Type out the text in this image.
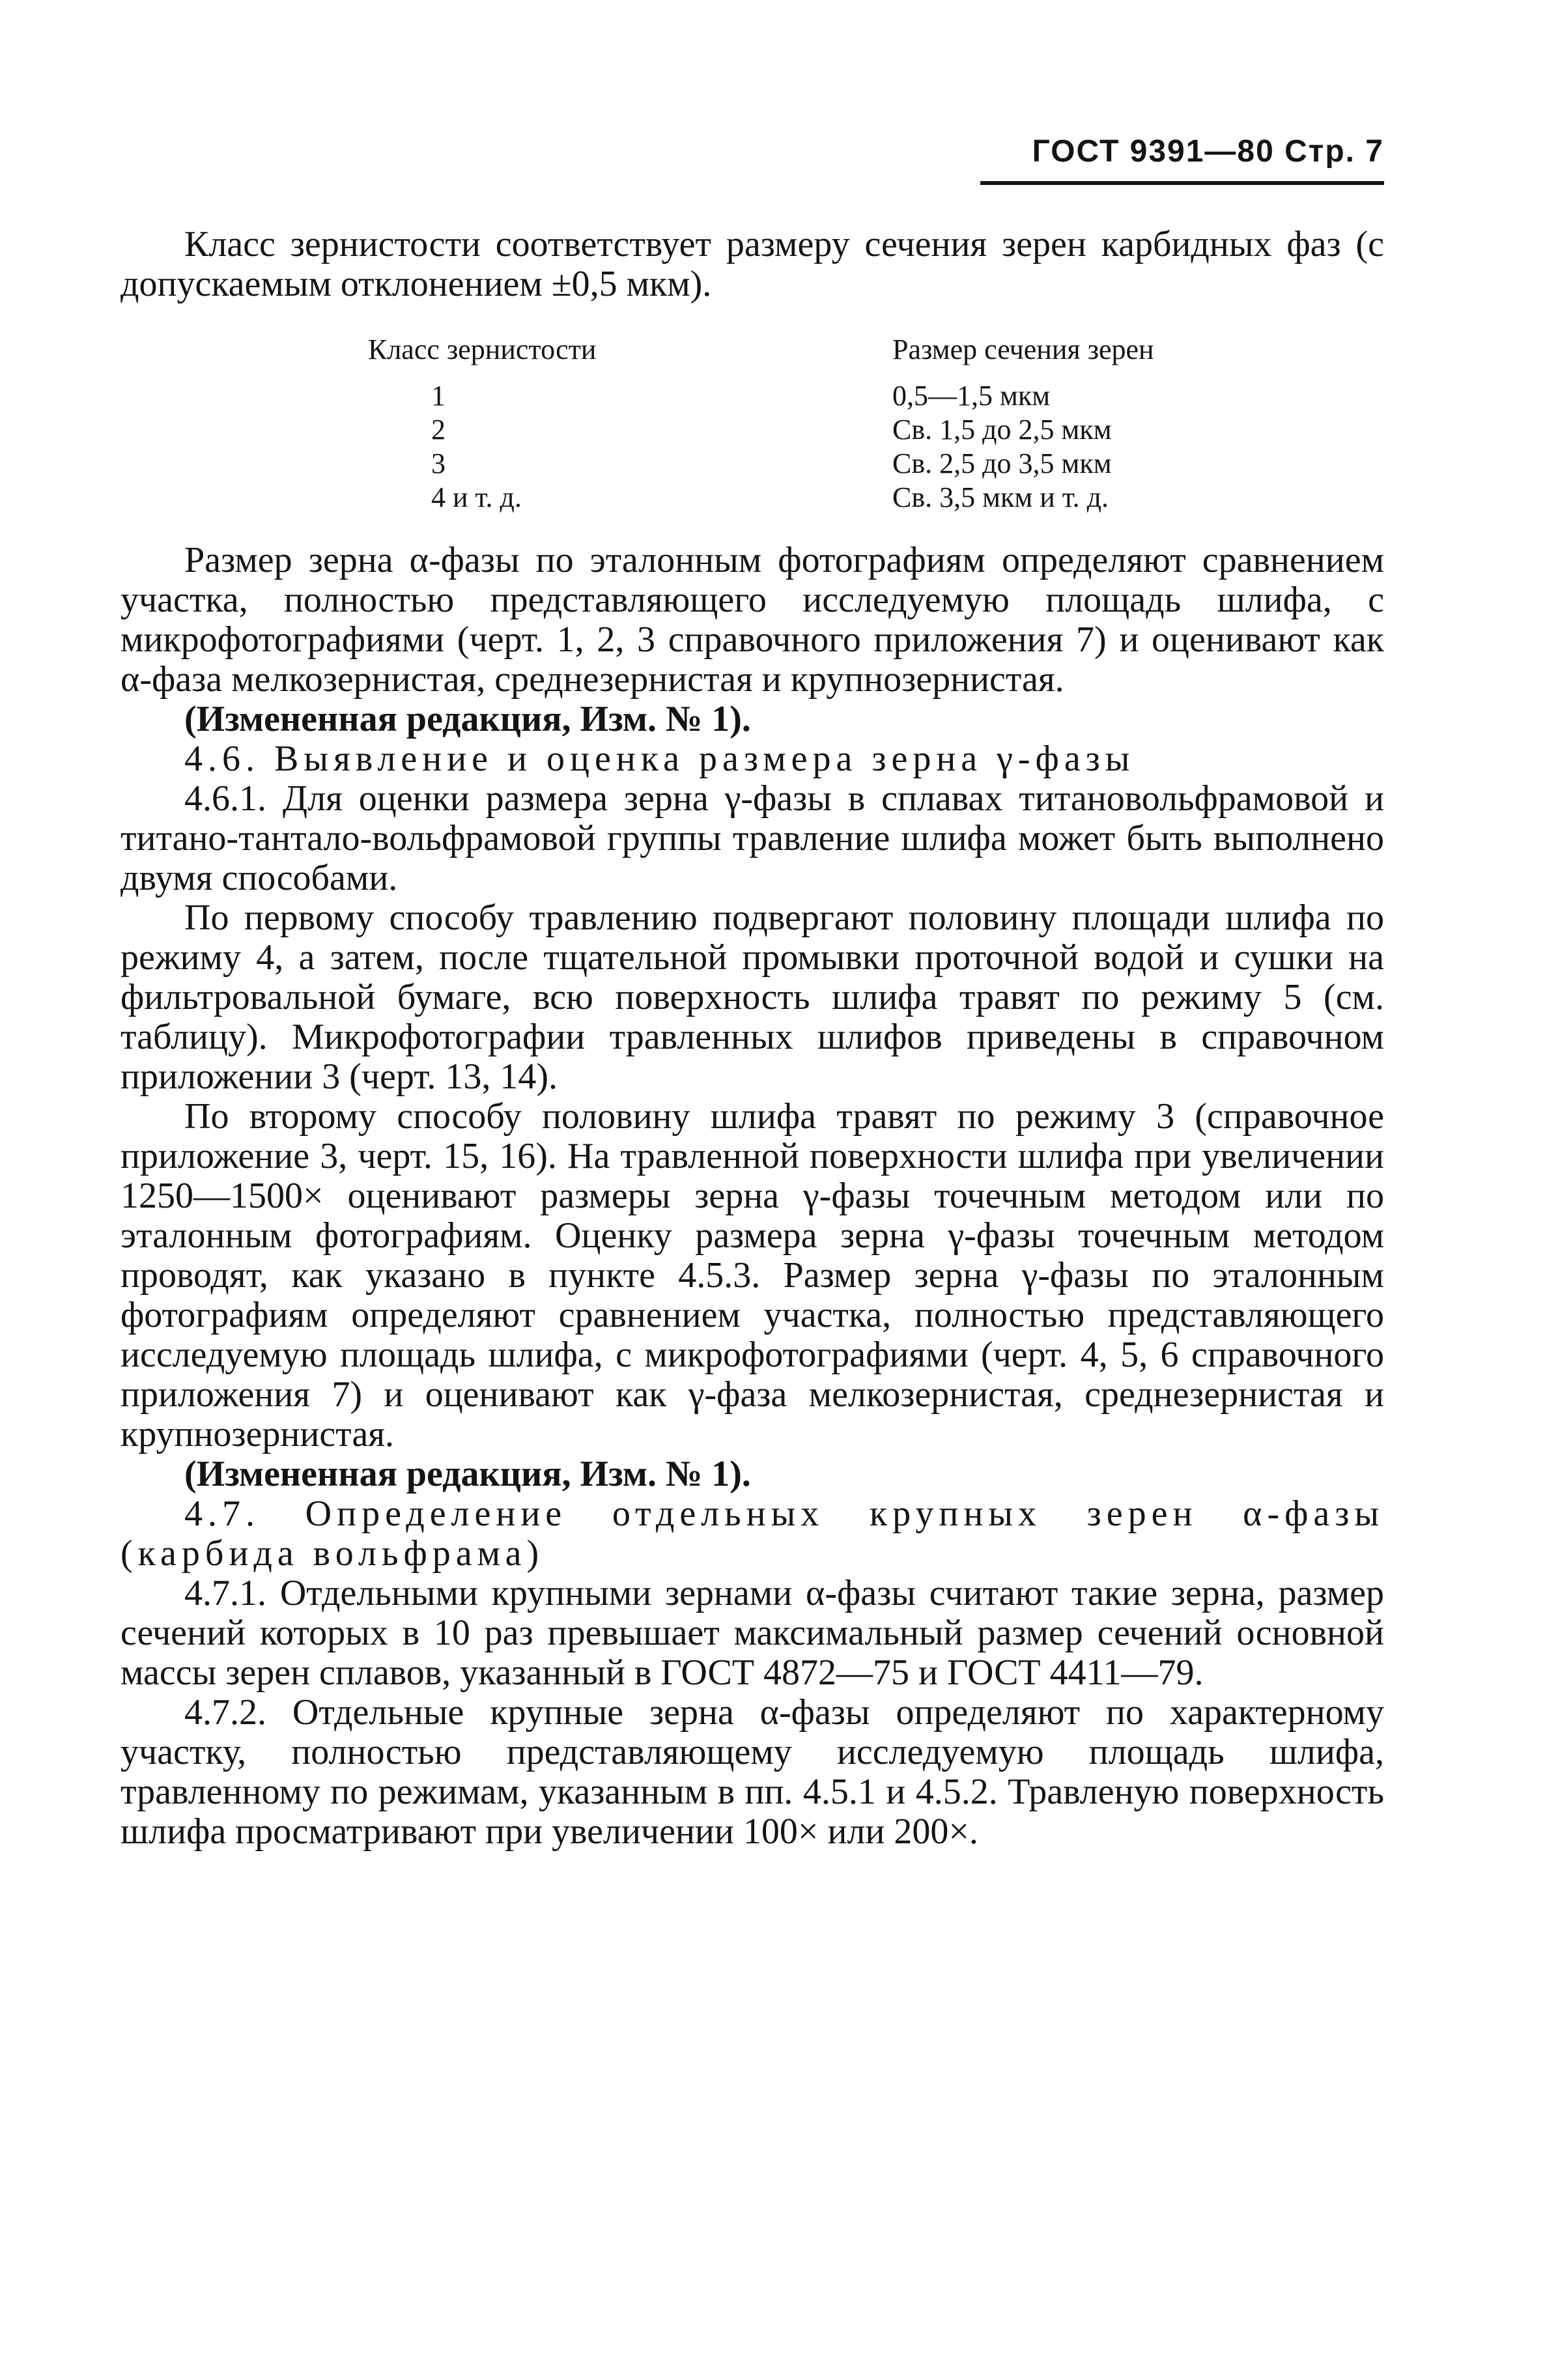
ГОСТ 9391—80 Стр. 7

Класс зернистости соответствует размеру сечения зерен карбидных фаз (с допускаемым отклонением ±0,5 мкм).

Класс зернистости	Размер сечения зерен
1	0,5—1,5 мкм
2	Св. 1,5 до 2,5 мкм
3	Св. 2,5 до 3,5 мкм
4 и т. д.	Св. 3,5 мкм и т. д.

Размер зерна α-фазы по эталонным фотографиям определяют сравнением участка, полностью представляющего исследуемую площадь шлифа, с микрофотографиями (черт. 1, 2, 3 справочного приложения 7) и оценивают как α-фаза мелкозернистая, среднезернистая и крупнозернистая.

(Измененная редакция, Изм. № 1).

4.6. Выявление и оценка размера зерна γ-фазы

4.6.1. Для оценки размера зерна γ-фазы в сплавах титановольфрамовой и титано-тантало-вольфрамовой группы травление шлифа может быть выполнено двумя способами.

По первому способу травлению подвергают половину площади шлифа по режиму 4, а затем, после тщательной промывки проточной водой и сушки на фильтровальной бумаге, всю поверхность шлифа травят по режиму 5 (см. таблицу). Микрофотографии травленных шлифов приведены в справочном приложении 3 (черт. 13, 14).

По второму способу половину шлифа травят по режиму 3 (справочное приложение 3, черт. 15, 16). На травленной поверхности шлифа при увеличении 1250—1500× оценивают размеры зерна γ-фазы точечным методом или по эталонным фотографиям. Оценку размера зерна γ-фазы точечным методом проводят, как указано в пункте 4.5.3. Размер зерна γ-фазы по эталонным фотографиям определяют сравнением участка, полностью представляющего исследуемую площадь шлифа, с микрофотографиями (черт. 4, 5, 6 справочного приложения 7) и оценивают как γ-фаза мелкозернистая, среднезернистая и крупнозернистая.

(Измененная редакция, Изм. № 1).

4.7. Определение отдельных крупных зерен α-фазы (карбида вольфрама)

4.7.1. Отдельными крупными зернами α-фазы считают такие зерна, размер сечений которых в 10 раз превышает максимальный размер сечений основной массы зерен сплавов, указанный в ГОСТ 4872—75 и ГОСТ 4411—79.

4.7.2. Отдельные крупные зерна α-фазы определяют по характерному участку, полностью представляющему исследуемую площадь шлифа, травленному по режимам, указанным в пп. 4.5.1 и 4.5.2. Травленую поверхность шлифа просматривают при увеличении 100× или 200×.
